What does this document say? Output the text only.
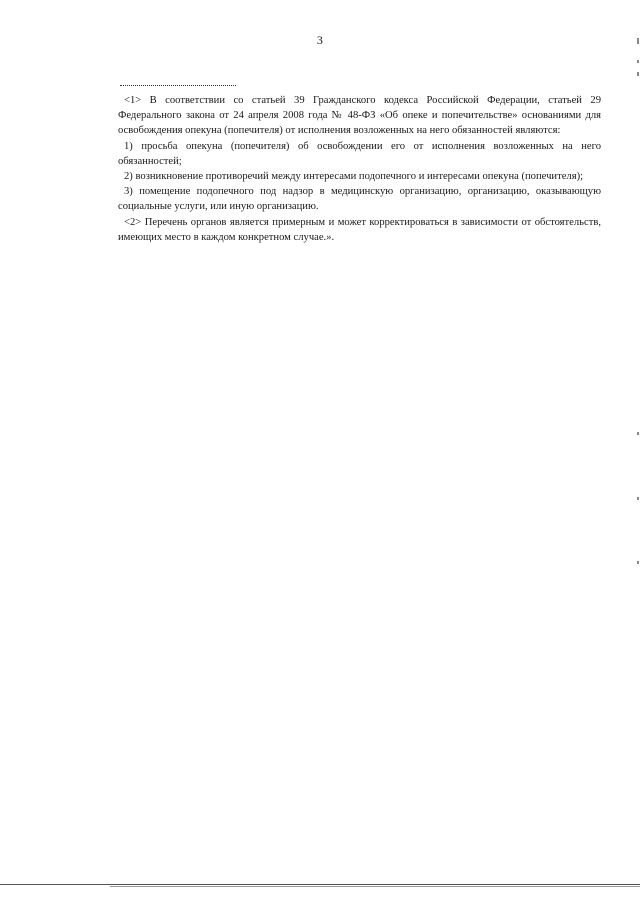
3

<1> В соответствии со статьей 39 Гражданского кодекса Российской Федерации, статьей 29 Федерального закона от 24 апреля 2008 года № 48-ФЗ «Об опеке и попечительстве» основаниями для освобождения опекуна (попечителя) от исполнения возложенных на него обязанностей являются:

1) просьба опекуна (попечителя) об освобождении его от исполнения возложенных на него обязанностей;

2) возникновение противоречий между интересами подопечного и интересами опекуна (попечителя);

3) помещение подопечного под надзор в медицинскую организацию, организацию, оказывающую социальные услуги, или иную организацию.

<2> Перечень органов является примерным и может корректироваться в зависимости от обстоятельств, имеющих место в каждом конкретном случае.».
